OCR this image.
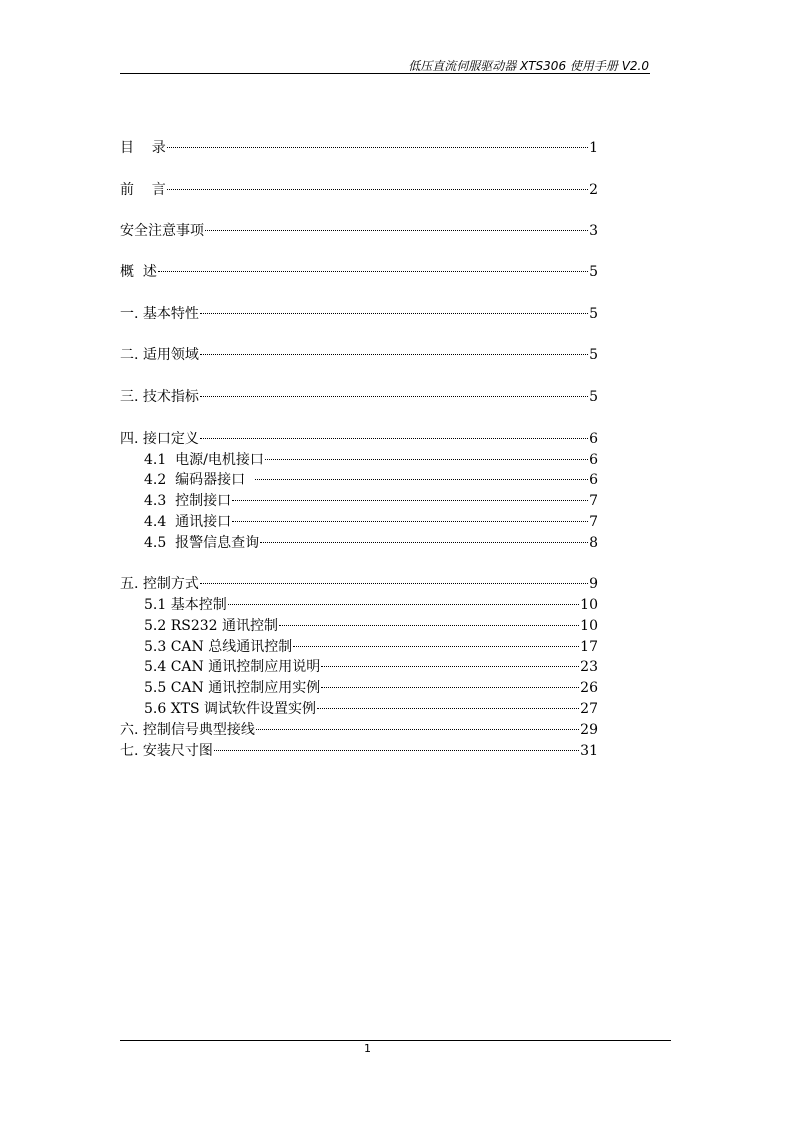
低压直流伺服驱动器 XTS306 使用手册 V2.0
目    录	1
前    言	2
安全注意事项	3
概  述	5
一. 基本特性	5
二. 适用领域	5
三. 技术指标	5
四. 接口定义	6
4.1  电源/电机接口	6
4.2  编码器接口	6
4.3  控制接口	7
4.4  通讯接口	7
4.5  报警信息查询	8
五. 控制方式	9
5.1 基本控制	10
5.2 RS232 通讯控制	10
5.3 CAN 总线通讯控制	17
5.4 CAN 通讯控制应用说明	23
5.5 CAN 通讯控制应用实例	26
5.6 XTS 调试软件设置实例	27
六. 控制信号典型接线	29
七. 安装尺寸图	31
1
